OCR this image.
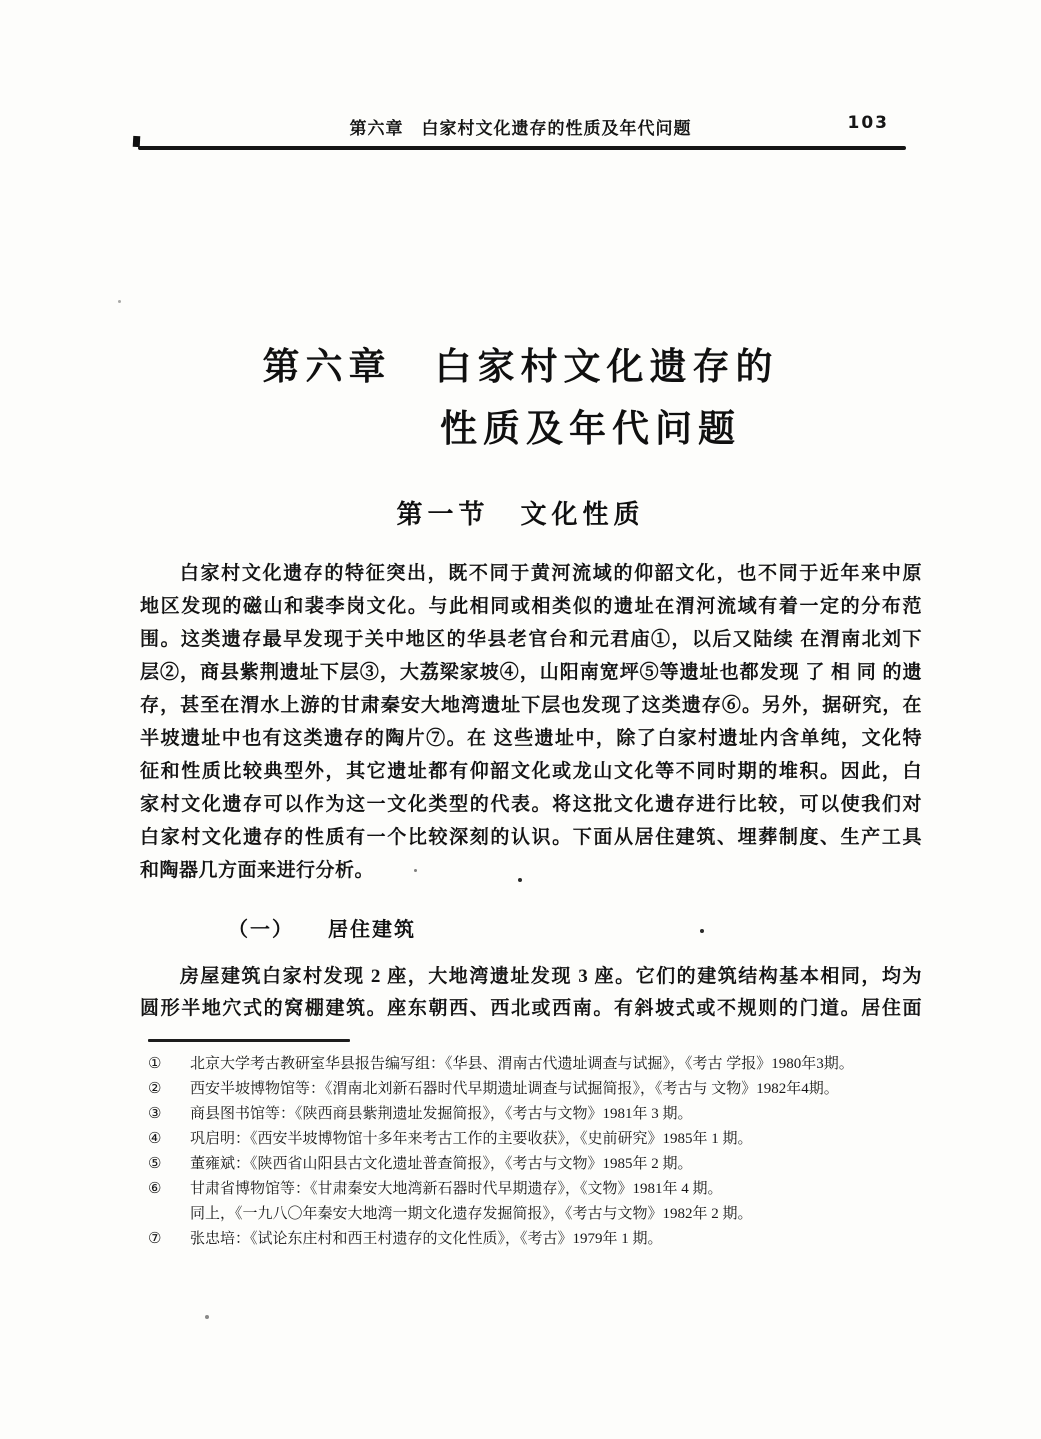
第六章　白家村文化遗存的性质及年代问题	103
第六章　白家村文化遗存的
性质及年代问题
第一节　文化性质
白家村文化遗存的特征突出，既不同于黄河流域的仰韶文化，也不同于近年来中原
地区发现的磁山和裴李岗文化。与此相同或相类似的遗址在渭河流域有着一定的分布范
围。这类遗存最早发现于关中地区的华县老官台和元君庙①，以后又陆续 在渭南北刘下
层②，商县紫荆遗址下层③，大荔梁家坡④，山阳南宽坪⑤等遗址也都发现 了 相 同 的遗
存，甚至在渭水上游的甘肃秦安大地湾遗址下层也发现了这类遗存⑥。另外，据研究，在
半坡遗址中也有这类遗存的陶片⑦。在 这些遗址中，除了白家村遗址内含单纯，文化特
征和性质比较典型外，其它遗址都有仰韶文化或龙山文化等不同时期的堆积。因此，白
家村文化遗存可以作为这一文化类型的代表。将这批文化遗存进行比较，可以使我们对
白家村文化遗存的性质有一个比较深刻的认识。下面从居住建筑、埋葬制度、生产工具
和陶器几方面来进行分析。
（一） 居住建筑
房屋建筑白家村发现 2 座，大地湾遗址发现 3 座。它们的建筑结构基本相同，均为
圆形半地穴式的窝棚建筑。座东朝西、西北或西南。有斜坡式或不规则的门道。居住面
①	北京大学考古教研室华县报告编写组：《华县、渭南古代遗址调查与试掘》，《考古 学报》1980年3期。
②	西安半坡博物馆等：《渭南北刘新石器时代早期遗址调查与试掘简报》，《考古与 文物》1982年4期。
③	商县图书馆等：《陕西商县紫荆遗址发掘简报》，《考古与文物》1981年 3 期。
④	巩启明：《西安半坡博物馆十多年来考古工作的主要收获》，《史前研究》1985年 1 期。
⑤	董雍斌：《陕西省山阳县古文化遗址普查简报》，《考古与文物》1985年 2 期。
⑥	甘肃省博物馆等：《甘肃秦安大地湾新石器时代早期遗存》，《文物》1981年 4 期。
同上，《一九八〇年秦安大地湾一期文化遗存发掘简报》，《考古与文物》1982年 2 期。
⑦	张忠培：《试论东庄村和西王村遗存的文化性质》，《考古》1979年 1 期。
